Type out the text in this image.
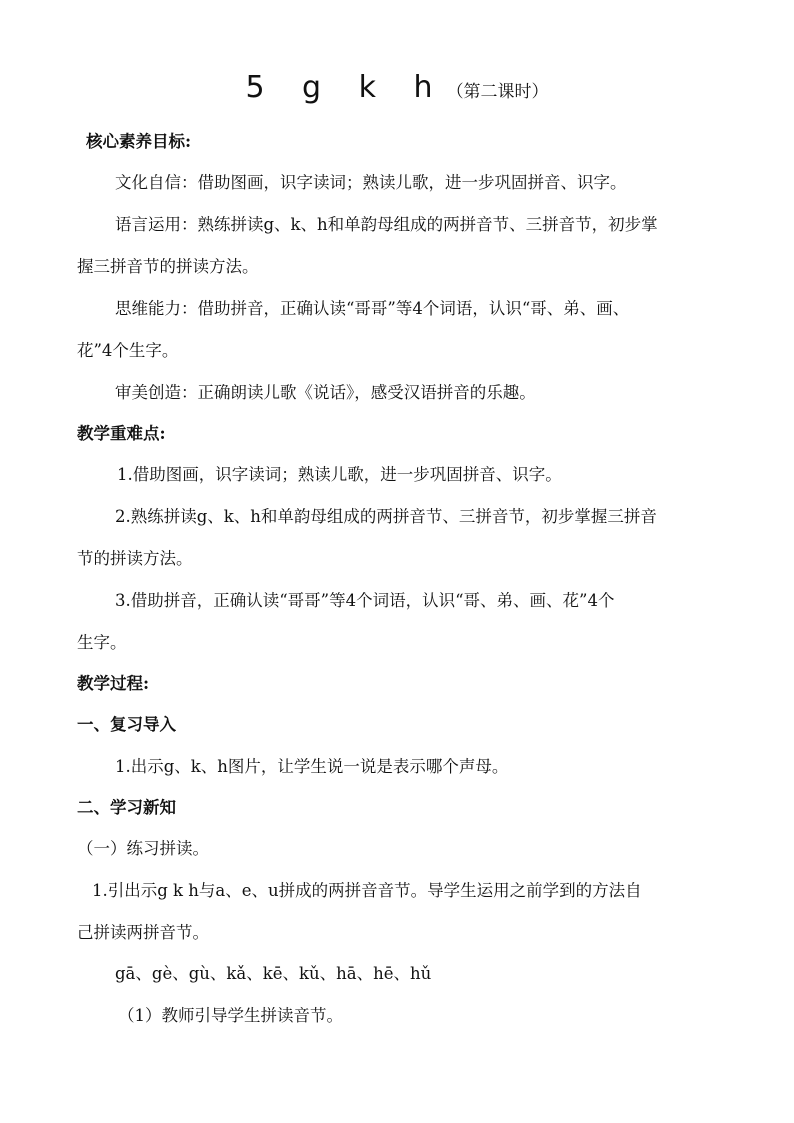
5 g k h（第二课时）
核心素养目标:
文化自信：借助图画，识字读词；熟读儿歌，进一步巩固拼音、识字。
语言运用：熟练拼读g、k、h和单韵母组成的两拼音节、三拼音节，初步掌
握三拼音节的拼读方法。
思维能力：借助拼音，正确认读“哥哥”等4个词语，认识“哥、弟、画、
花”4个生字。
审美创造：正确朗读儿歌《说话》，感受汉语拼音的乐趣。
教学重难点:
1.借助图画，识字读词；熟读儿歌，进一步巩固拼音、识字。
2.熟练拼读g、k、h和单韵母组成的两拼音节、三拼音节，初步掌握三拼音
节的拼读方法。
3.借助拼音，正确认读“哥哥”等4个词语，认识“哥、弟、画、花”4个
生字。
教学过程:
一、复习导入
1.出示g、k、h图片，让学生说一说是表示哪个声母。
二、学习新知
（一）练习拼读。
1.引出示g k h与a、e、u拼成的两拼音音节。导学生运用之前学到的方法自
己拼读两拼音节。
gā、gè、gù、kǎ、kē、kǔ、hā、hē、hǔ
（1）教师引导学生拼读音节。
